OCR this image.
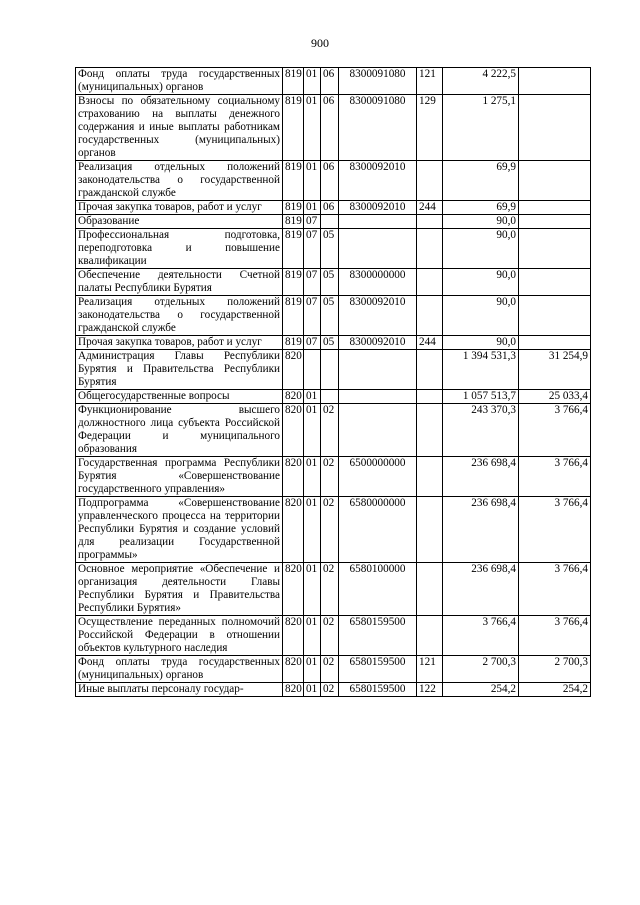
900
Фонд оплаты труда государственных (муниципальных) органов	819	01	06	8300091080	121	4 222,5	
Взносы по обязательному социальному страхованию на выплаты денежного содержания и иные выплаты работникам государственных (муниципальных) органов	819	01	06	8300091080	129	1 275,1	
Реализация отдельных положений законодательства о государственной гражданской службе	819	01	06	8300092010		69,9	
Прочая закупка товаров, работ и услуг	819	01	06	8300092010	244	69,9	
Образование	819	07				90,0	
Профессиональная подготовка, переподготовка и повышение квалификации	819	07	05			90,0	
Обеспечение деятельности Счетной палаты Республики Бурятия	819	07	05	8300000000		90,0	
Реализация отдельных положений законодательства о государственной гражданской службе	819	07	05	8300092010		90,0	
Прочая закупка товаров, работ и услуг	819	07	05	8300092010	244	90,0	
Администрация Главы Республики Бурятия и Правительства Республики Бурятия	820					1 394 531,3	31 254,9
Общегосударственные вопросы	820	01				1 057 513,7	25 033,4
Функционирование высшего должностного лица субъекта Российской Федерации и муниципального образования	820	01	02			243 370,3	3 766,4
Государственная программа Республики Бурятия «Совершенствование государственного управления»	820	01	02	6500000000		236 698,4	3 766,4
Подпрограмма «Совершенствование управленческого процесса на территории Республики Бурятия и создание условий для реализации Государственной программы»	820	01	02	6580000000		236 698,4	3 766,4
Основное мероприятие «Обеспечение и организация деятельности Главы Республики Бурятия и Правительства Республики Бурятия»	820	01	02	6580100000		236 698,4	3 766,4
Осуществление переданных полномочий Российской Федерации в отношении объектов культурного наследия	820	01	02	6580159500		3 766,4	3 766,4
Фонд оплаты труда государственных (муниципальных) органов	820	01	02	6580159500	121	2 700,3	2 700,3
Иные выплаты персоналу государ-	820	01	02	6580159500	122	254,2	254,2
